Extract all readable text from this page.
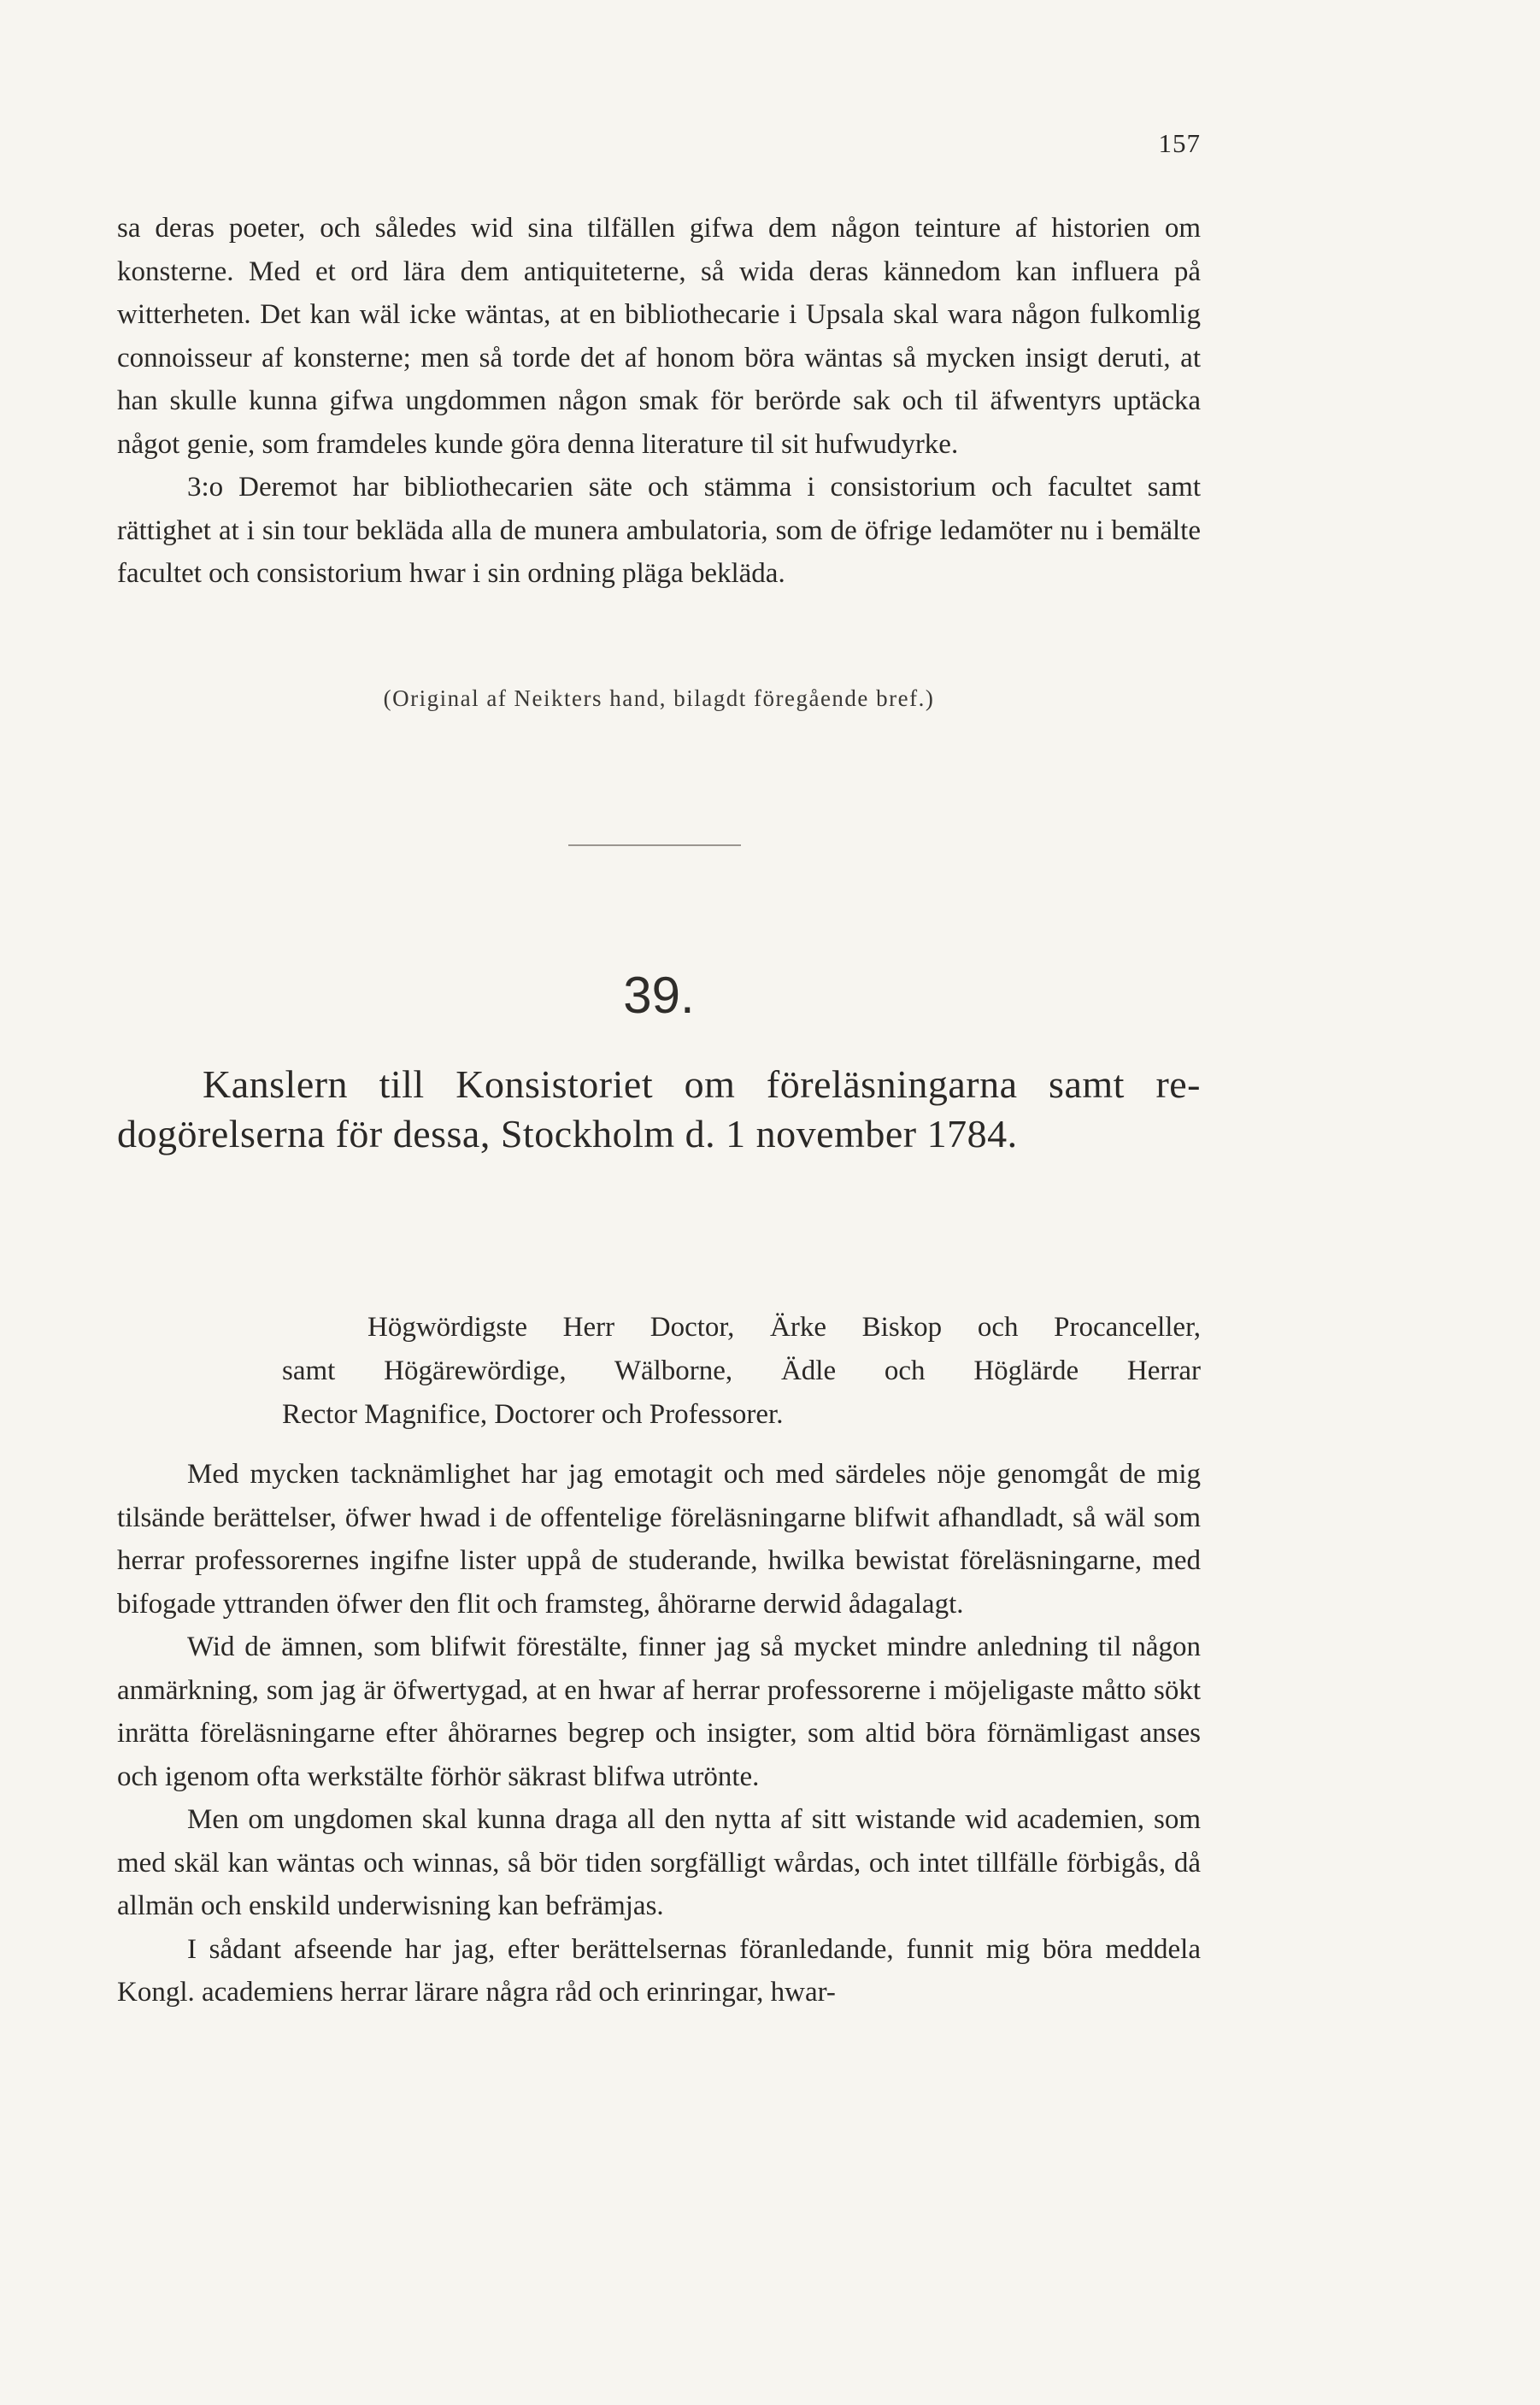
157

sa deras poeter, och således wid sina tilfällen gifwa dem någon teinture af historien om konsterne. Med et ord lära dem antiquiteterne, så wida deras kännedom kan influera på witterheten. Det kan wäl icke wäntas, at en bibliothecarie i Upsala skal wara någon fulkomlig connoisseur af konsterne; men så torde det af honom böra wäntas så mycken insigt deruti, at han skulle kunna gifwa ungdommen någon smak för berörde sak och til äfwentyrs uptäcka något genie, som framdeles kunde göra denna literature til sit hufwudyrke.

3:o Deremot har bibliothecarien säte och stämma i consistorium och facultet samt rättighet at i sin tour bekläda alla de munera ambulatoria, som de öfrige ledamöter nu i bemälte facultet och consistorium hwar i sin ordning pläga bekläda.

(Original af Neikters hand, bilagdt föregående bref.)
39.
Kanslern till Konsistoriet om föreläsningarna samt re-
dogörelserna för dessa, Stockholm d. 1 november 1784.
Högwördigste Herr Doctor, Ärke Biskop och Procanceller,
samt Högärewördige, Wälborne, Ädle och Höglärde Herrar
Rector Magnifice, Doctorer och Professorer.

Med mycken tacknämlighet har jag emotagit och med särdeles nöje genomgåt de mig tilsände berättelser, öfwer hwad i de offentelige föreläsningarne blifwit afhandladt, så wäl som herrar professorernes ingifne lister uppå de studerande, hwilka bewistat föreläsningarne, med bifogade yttranden öfwer den flit och framsteg, åhörarne derwid ådagalagt.

Wid de ämnen, som blifwit förestälte, finner jag så mycket mindre anledning til någon anmärkning, som jag är öfwertygad, at en hwar af herrar professorerne i möjeligaste måtto sökt inrätta föreläsningarne efter åhörarnes begrep och insigter, som altid böra förnämligast anses och igenom ofta werkstälte förhör säkrast blifwa utrönte.

Men om ungdomen skal kunna draga all den nytta af sitt wistande wid academien, som med skäl kan wäntas och winnas, så bör tiden sorgfälligt wårdas, och intet tillfälle förbigås, då allmän och enskild underwisning kan befrämjas.

I sådant afseende har jag, efter berättelsernas föranledande, funnit mig böra meddela Kongl. academiens herrar lärare några råd och erinringar, hwar-
